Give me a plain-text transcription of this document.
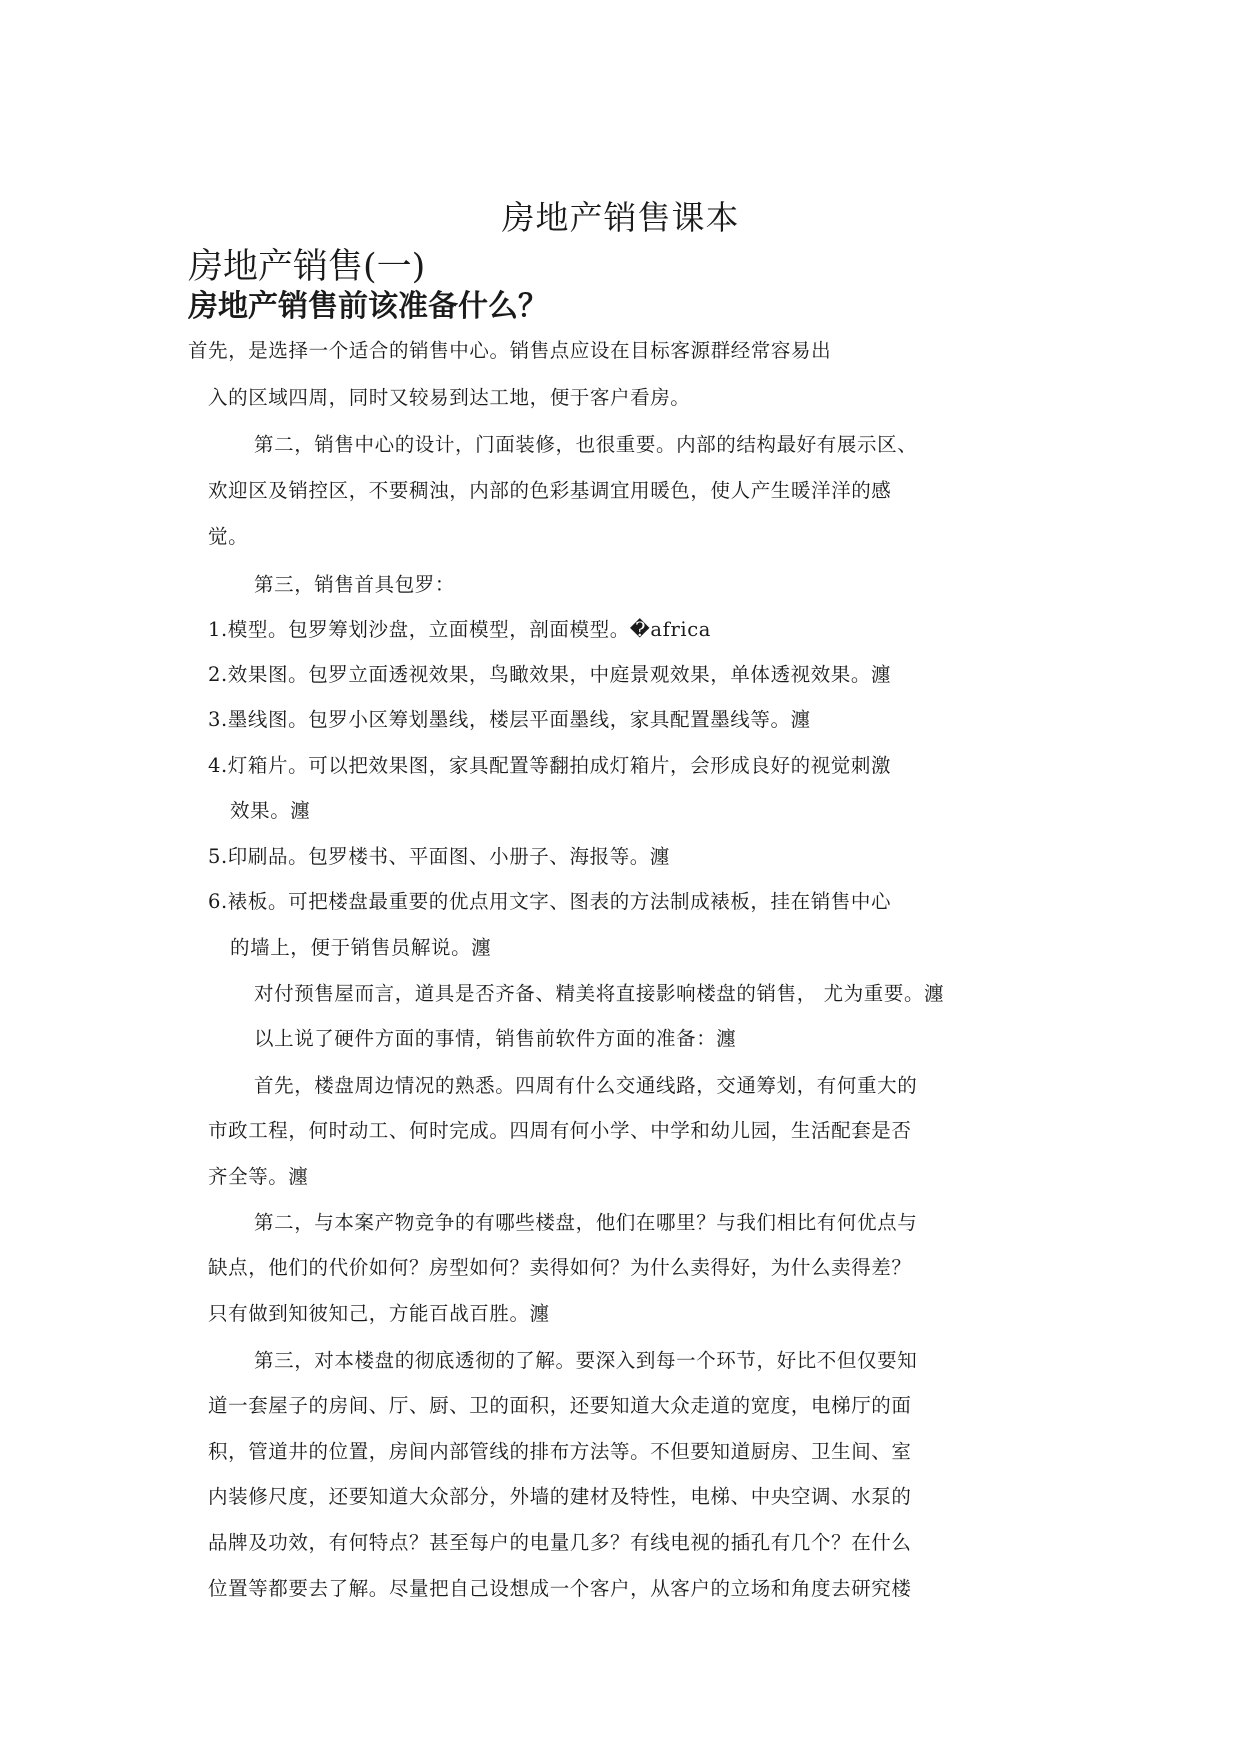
房地产销售课本
房地产销售(一)
房地产销售前该准备什么？
首先，是选择一个适合的销售中心。销售点应设在目标客源群经常容易出
入的区域四周，同时又较易到达工地，便于客户看房。
第二，销售中心的设计，门面装修，也很重要。内部的结构最好有展示区、
欢迎区及销控区，不要稠浊，内部的色彩基调宜用暖色，使人产生暖洋洋的感
觉。
第三，销售首具包罗：
1.模型。包罗筹划沙盘，立面模型，剖面模型。�africa
2.效果图。包罗立面透视效果，鸟瞰效果，中庭景观效果，单体透视效果。瀍
3.墨线图。包罗小区筹划墨线，楼层平面墨线，家具配置墨线等。瀍
4.灯箱片。可以把效果图，家具配置等翻拍成灯箱片，会形成良好的视觉刺激
效果。瀍
5.印刷品。包罗楼书、平面图、小册子、海报等。瀍
6.裱板。可把楼盘最重要的优点用文字、图表的方法制成裱板，挂在销售中心
的墙上，便于销售员解说。瀍
对付预售屋而言，道具是否齐备、精美将直接影响楼盘的销售， 尤为重要。瀍
以上说了硬件方面的事情，销售前软件方面的准备：瀍
首先，楼盘周边情况的熟悉。四周有什么交通线路，交通筹划，有何重大的
市政工程，何时动工、何时完成。四周有何小学、中学和幼儿园，生活配套是否
齐全等。瀍
第二，与本案产物竞争的有哪些楼盘，他们在哪里？与我们相比有何优点与
缺点，他们的代价如何？房型如何？卖得如何？为什么卖得好，为什么卖得差？
只有做到知彼知己，方能百战百胜。瀍
第三，对本楼盘的彻底透彻的了解。要深入到每一个环节，好比不但仅要知
道一套屋子的房间、厅、厨、卫的面积，还要知道大众走道的宽度，电梯厅的面
积，管道井的位置，房间内部管线的排布方法等。不但要知道厨房、卫生间、室
内装修尺度，还要知道大众部分，外墙的建材及特性，电梯、中央空调、水泵的
品牌及功效，有何特点？甚至每户的电量几多？有线电视的插孔有几个？在什么
位置等都要去了解。尽量把自己设想成一个客户，从客户的立场和角度去研究楼
